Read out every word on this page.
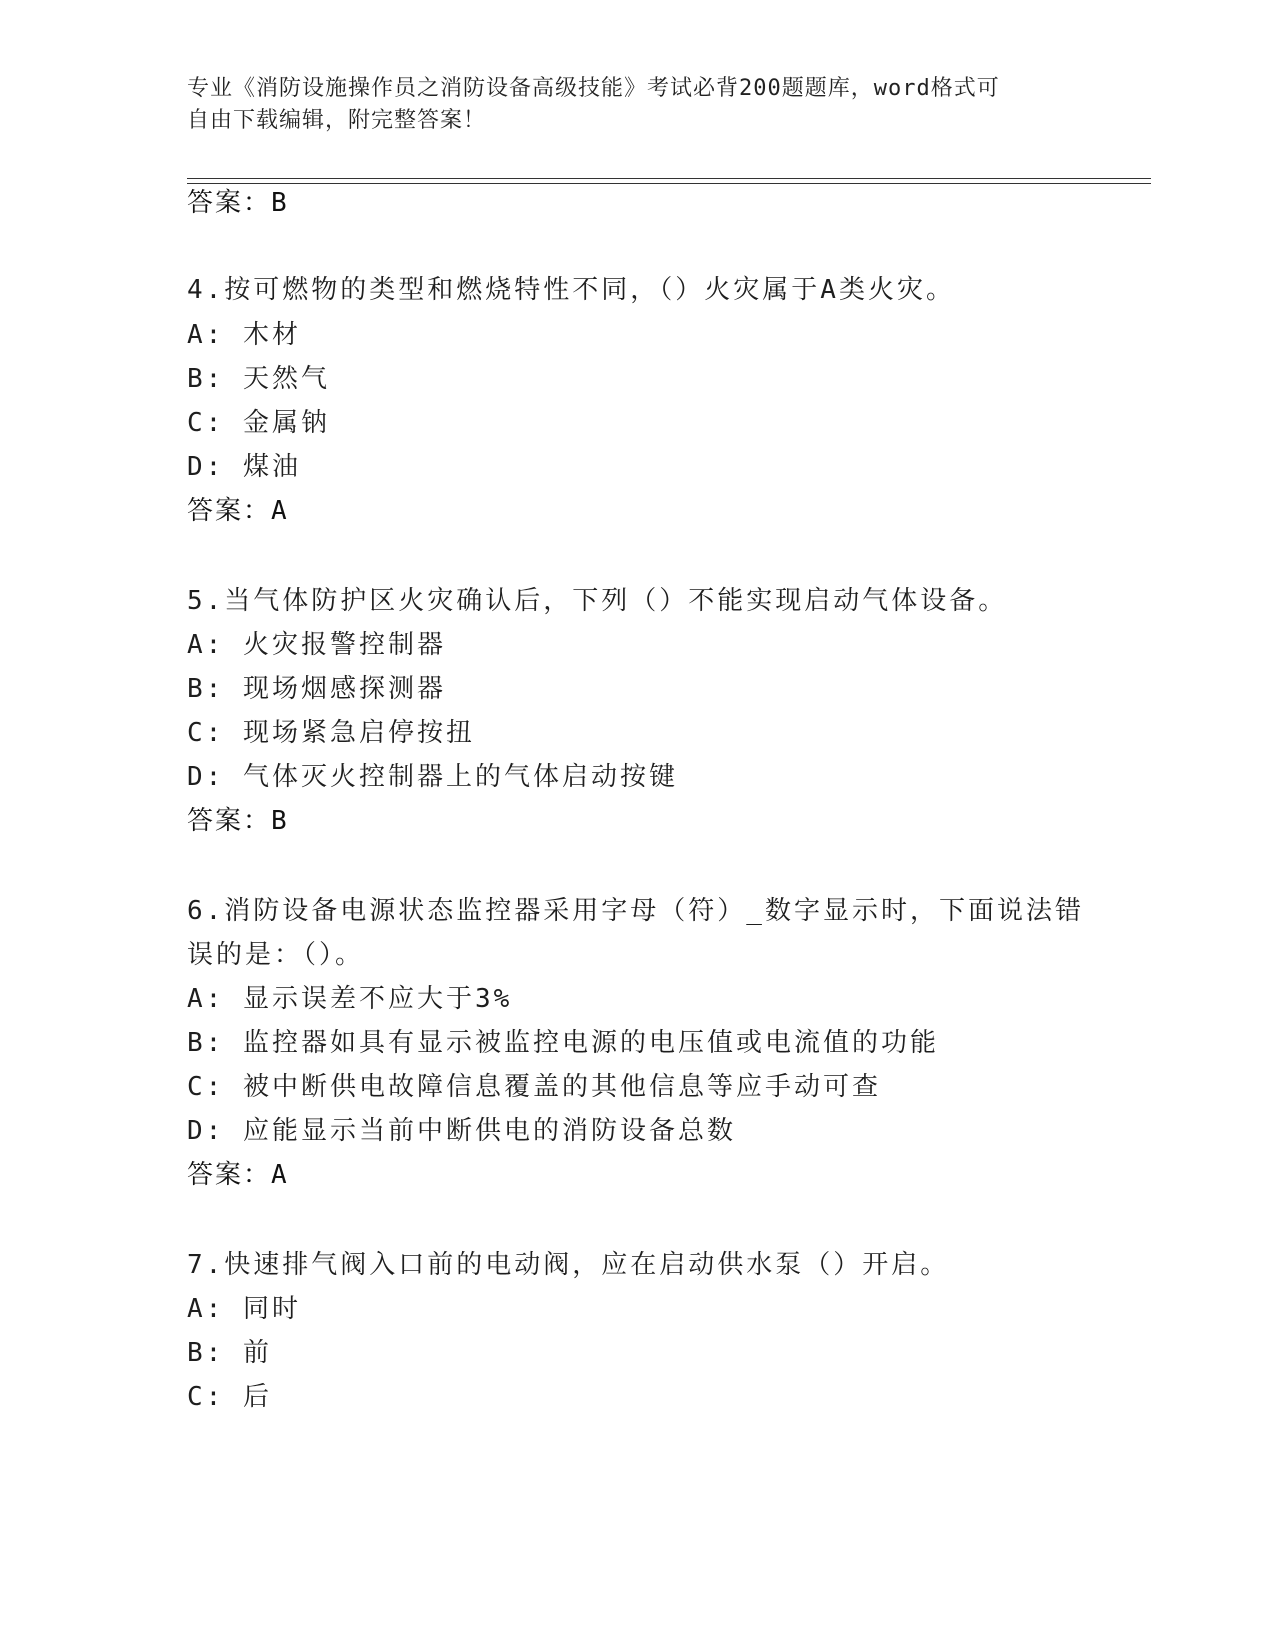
专业《消防设施操作员之消防设备高级技能》考试必背200题题库，word格式可
自由下载编辑，附完整答案！
答案：B
4.按可燃物的类型和燃烧特性不同，（）火灾属于A类火灾。
A: 木材
B: 天然气
C: 金属钠
D: 煤油
答案：A
5.当气体防护区火灾确认后，下列（）不能实现启动气体设备。
A: 火灾报警控制器
B: 现场烟感探测器
C: 现场紧急启停按扭
D: 气体灭火控制器上的气体启动按键
答案：B
6.消防设备电源状态监控器采用字母（符）_数字显示时，下面说法错
误的是：（）。
A: 显示误差不应大于3%
B: 监控器如具有显示被监控电源的电压值或电流值的功能
C: 被中断供电故障信息覆盖的其他信息等应手动可查
D: 应能显示当前中断供电的消防设备总数
答案：A
7.快速排气阀入口前的电动阀，应在启动供水泵（）开启。
A: 同时
B: 前
C: 后
